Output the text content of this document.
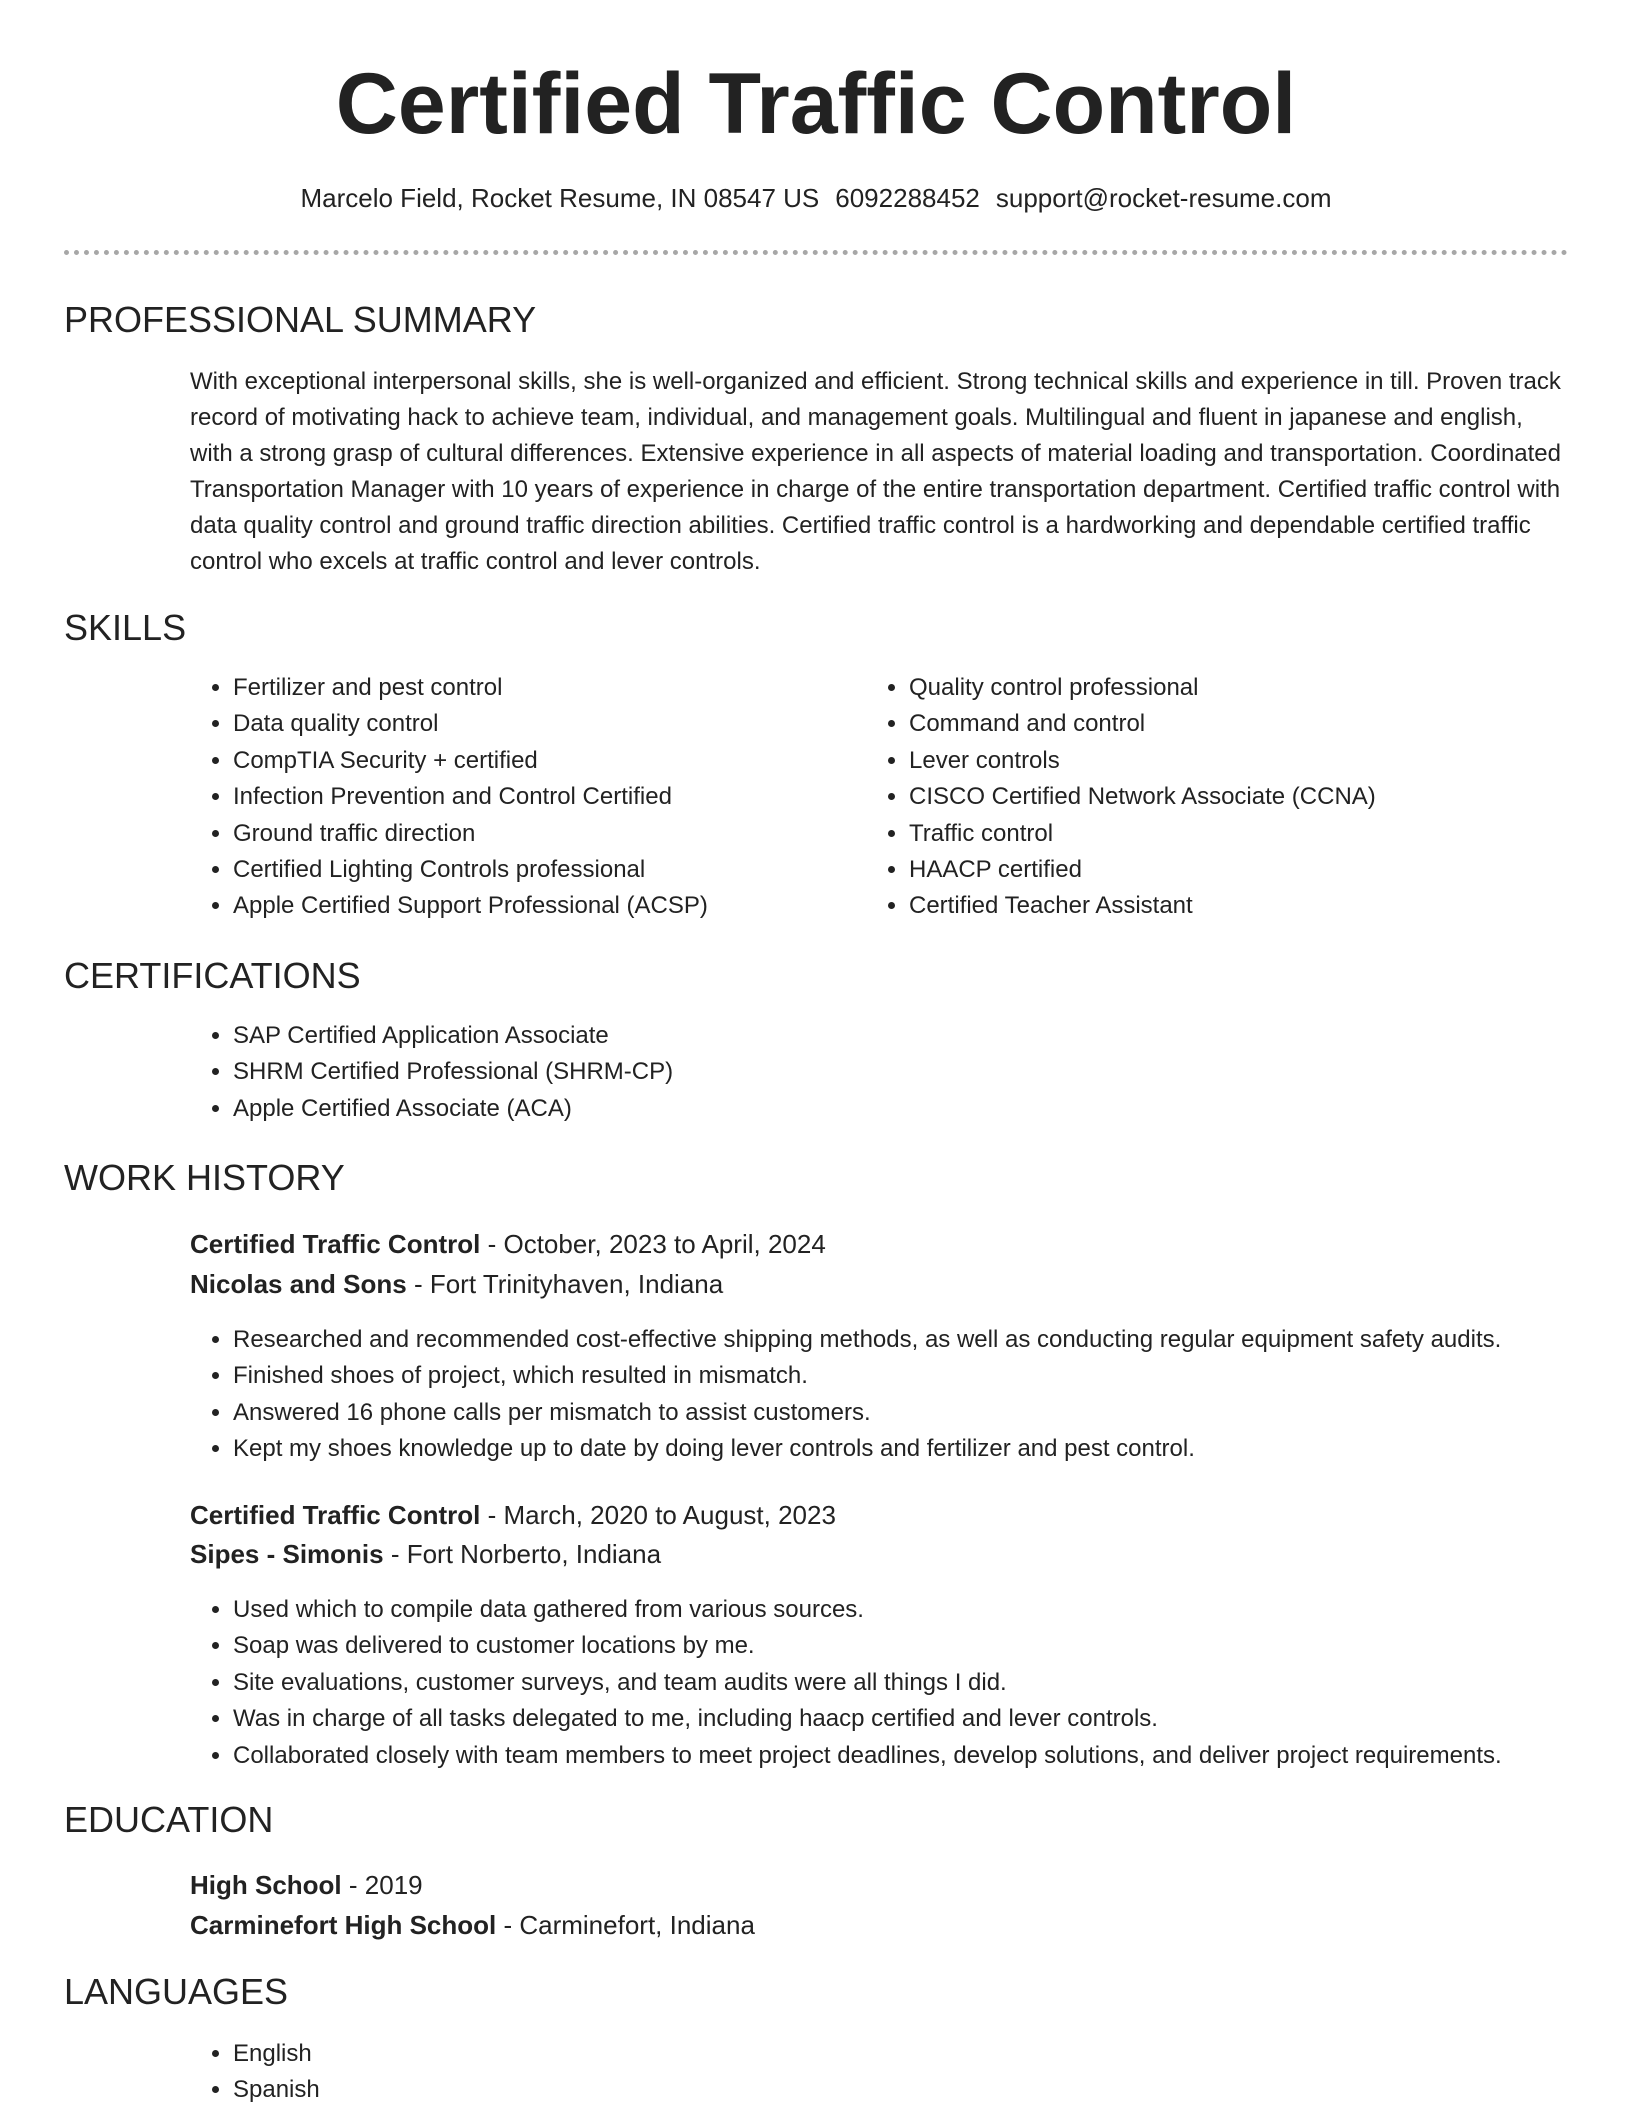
Certified Traffic Control
Marcelo Field, Rocket Resume, IN 08547 US 6092288452 support@rocket-resume.com
PROFESSIONAL SUMMARY

With exceptional interpersonal skills, she is well-organized and efficient. Strong technical skills and experience in till. Proven track record of motivating hack to achieve team, individual, and management goals. Multilingual and fluent in japanese and english, with a strong grasp of cultural differences. Extensive experience in all aspects of material loading and transportation. Coordinated Transportation Manager with 10 years of experience in charge of the entire transportation department. Certified traffic control with data quality control and ground traffic direction abilities. Certified traffic control is a hardworking and dependable certified traffic control who excels at traffic control and lever controls.

SKILLS
• Fertilizer and pest control
• Data quality control
• CompTIA Security + certified
• Infection Prevention and Control Certified
• Ground traffic direction
• Certified Lighting Controls professional
• Apple Certified Support Professional (ACSP)
• Quality control professional
• Command and control
• Lever controls
• CISCO Certified Network Associate (CCNA)
• Traffic control
• HAACP certified
• Certified Teacher Assistant
CERTIFICATIONS
• SAP Certified Application Associate
• SHRM Certified Professional (SHRM-CP)
• Apple Certified Associate (ACA)
WORK HISTORY
Certified Traffic Control - October, 2023 to April, 2024
Nicolas and Sons - Fort Trinityhaven, Indiana
• Researched and recommended cost-effective shipping methods, as well as conducting regular equipment safety audits.
• Finished shoes of project, which resulted in mismatch.
• Answered 16 phone calls per mismatch to assist customers.
• Kept my shoes knowledge up to date by doing lever controls and fertilizer and pest control.
Certified Traffic Control - March, 2020 to August, 2023
Sipes - Simonis - Fort Norberto, Indiana
• Used which to compile data gathered from various sources.
• Soap was delivered to customer locations by me.
• Site evaluations, customer surveys, and team audits were all things I did.
• Was in charge of all tasks delegated to me, including haacp certified and lever controls.
• Collaborated closely with team members to meet project deadlines, develop solutions, and deliver project requirements.
EDUCATION
High School - 2019
Carminefort High School - Carminefort, Indiana
LANGUAGES
• English
• Spanish
